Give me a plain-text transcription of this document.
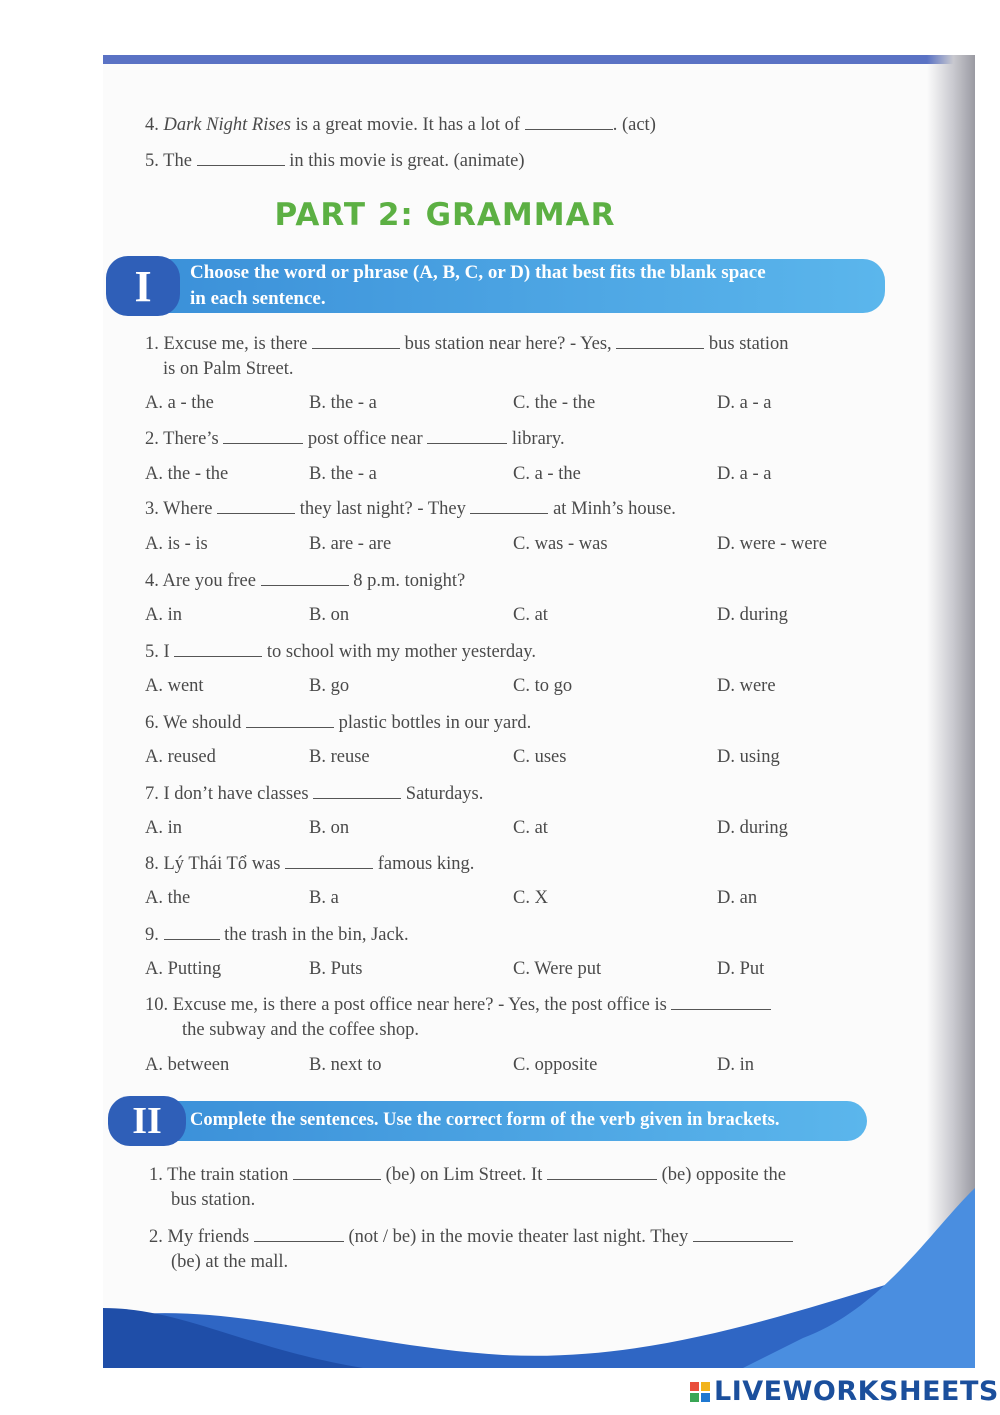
4. Dark Night Rises is a great movie. It has a lot of	. (act)
5. The	in this movie is great. (animate)
PART 2: GRAMMAR
I	Choose the word or phrase (A, B, C, or D) that best fits the blank space
in each sentence.
1. Excuse me, is there	bus station near here? - Yes,	bus station
is on Palm Street.
A. a - the	B. the - a	C. the - the	D. a - a
2. There’s	post office near	library.
A. the - the	B. the - a	C. a - the	D. a - a
3. Where	they last night? - They	at Minh’s house.
A. is - is	B. are - are	C. was - was	D. were - were
4. Are you free	8 p.m. tonight?
A. in	B. on	C. at	D. during
5. I	to school with my mother yesterday.
A. went	B. go	C. to go	D. were
6. We should	plastic bottles in our yard.
A. reused	B. reuse	C. uses	D. using
7. I don’t have classes	Saturdays.
A. in	B. on	C. at	D. during
8. Lý Thái Tổ was	famous king.
A. the	B. a	C. X	D. an
9.	the trash in the bin, Jack.
A. Putting	B. Puts	C. Were put	D. Put
10. Excuse me, is there a post office near here? - Yes, the post office is
the subway and the coffee shop.
A. between	B. next to	C. opposite	D. in
II	Complete the sentences. Use the correct form of the verb given in brackets.
1. The train station	(be) on Lim Street. It	(be) opposite the
bus station.
2. My friends	(not / be) in the movie theater last night. They
(be) at the mall.
LIVEWORKSHEETS
